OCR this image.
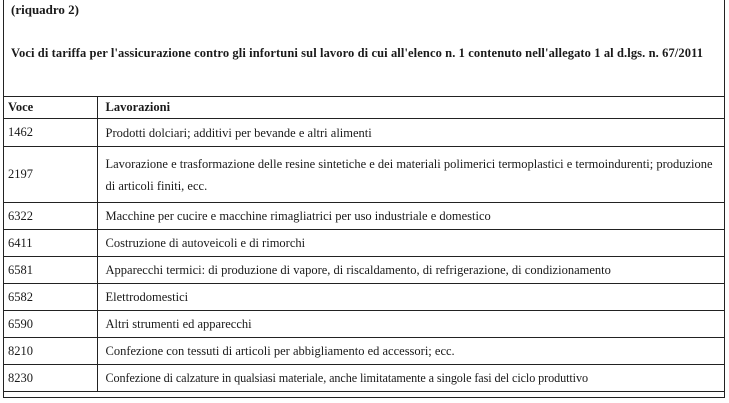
(riquadro 2)
Voci di tariffa per l'assicurazione contro gli infortuni sul lavoro di cui all'elenco n. 1 contenuto nell'allegato 1 al d.lgs. n. 67/2011
Voce	Lavorazioni
1462	Prodotti dolciari; additivi per bevande e altri alimenti
2197	Lavorazione e trasformazione delle resine sintetiche e dei materiali polimerici termoplastici e termoindurenti; produzione di articoli finiti, ecc.
6322	Macchine per cucire e macchine rimagliatrici per uso industriale e domestico
6411	Costruzione di autoveicoli e di rimorchi
6581	Apparecchi termici: di produzione di vapore, di riscaldamento, di refrigerazione, di condizionamento
6582	Elettrodomestici
6590	Altri strumenti ed apparecchi
8210	Confezione con tessuti di articoli per abbigliamento ed accessori; ecc.
8230	Confezione di calzature in qualsiasi materiale, anche limitatamente a singole fasi del ciclo produttivo
